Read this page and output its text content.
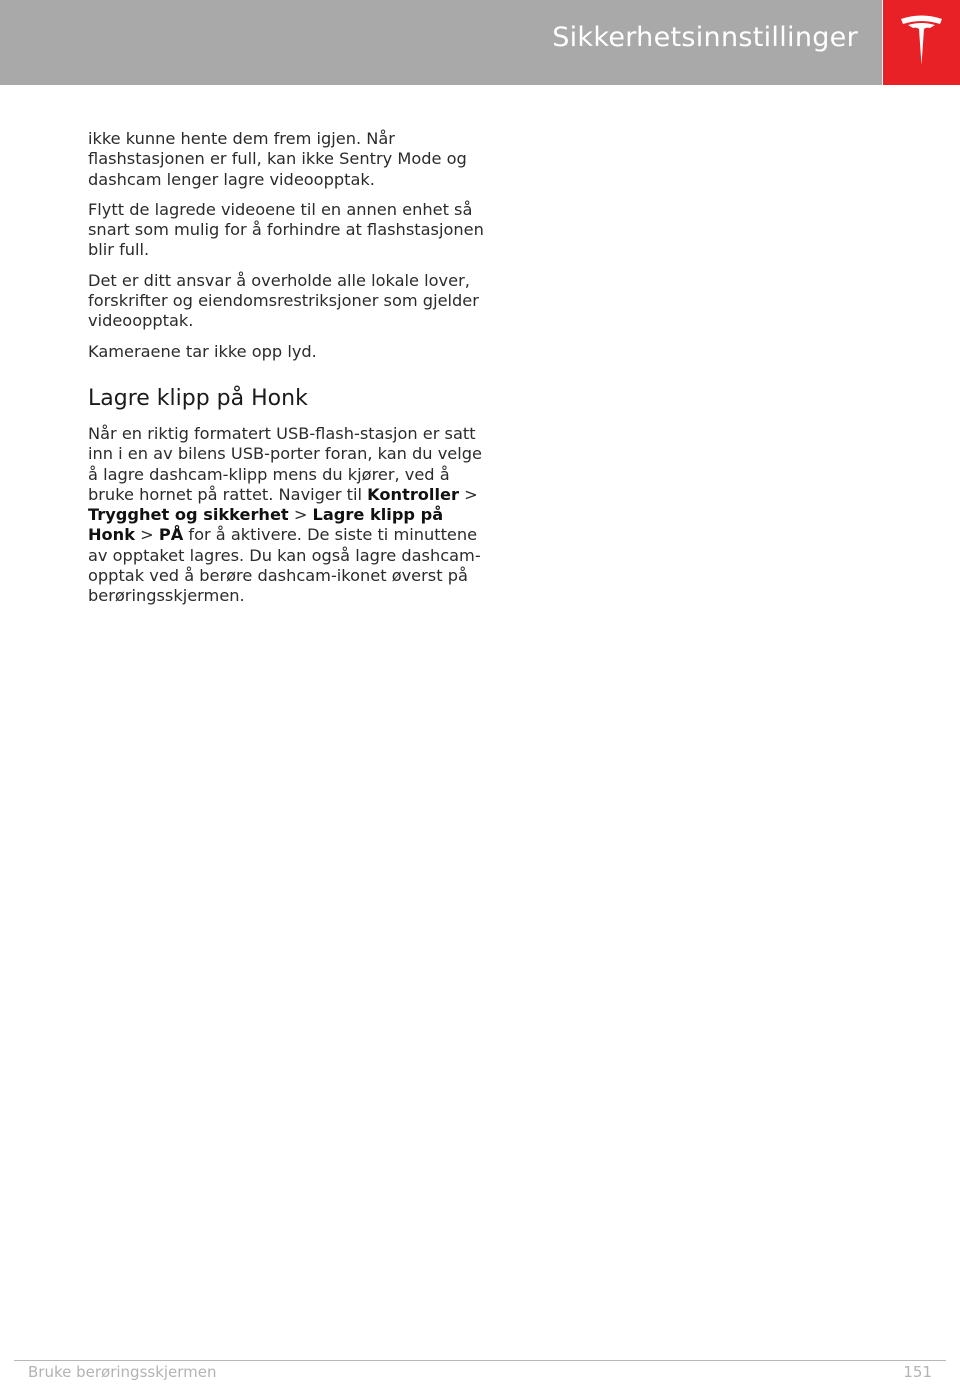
Sikkerhetsinnstillinger

ikke kunne hente dem frem igjen. Når flashstasjonen er full, kan ikke Sentry Mode og dashcam lenger lagre videoopptak.

Flytt de lagrede videoene til en annen enhet så snart som mulig for å forhindre at flashstasjonen blir full.

Det er ditt ansvar å overholde alle lokale lover, forskrifter og eiendomsrestriksjoner som gjelder videoopptak.

Kameraene tar ikke opp lyd.

Lagre klipp på Honk

Når en riktig formatert USB-flash-stasjon er satt inn i en av bilens USB-porter foran, kan du velge å lagre dashcam-klipp mens du kjører, ved å bruke hornet på rattet. Naviger til Kontroller > Trygghet og sikkerhet > Lagre klipp på Honk > PÅ for å aktivere. De siste ti minuttene av opptaket lagres. Du kan også lagre dashcam-opptak ved å berøre dashcam-ikonet øverst på berøringsskjermen.

Bruke berøringsskjermen	151
